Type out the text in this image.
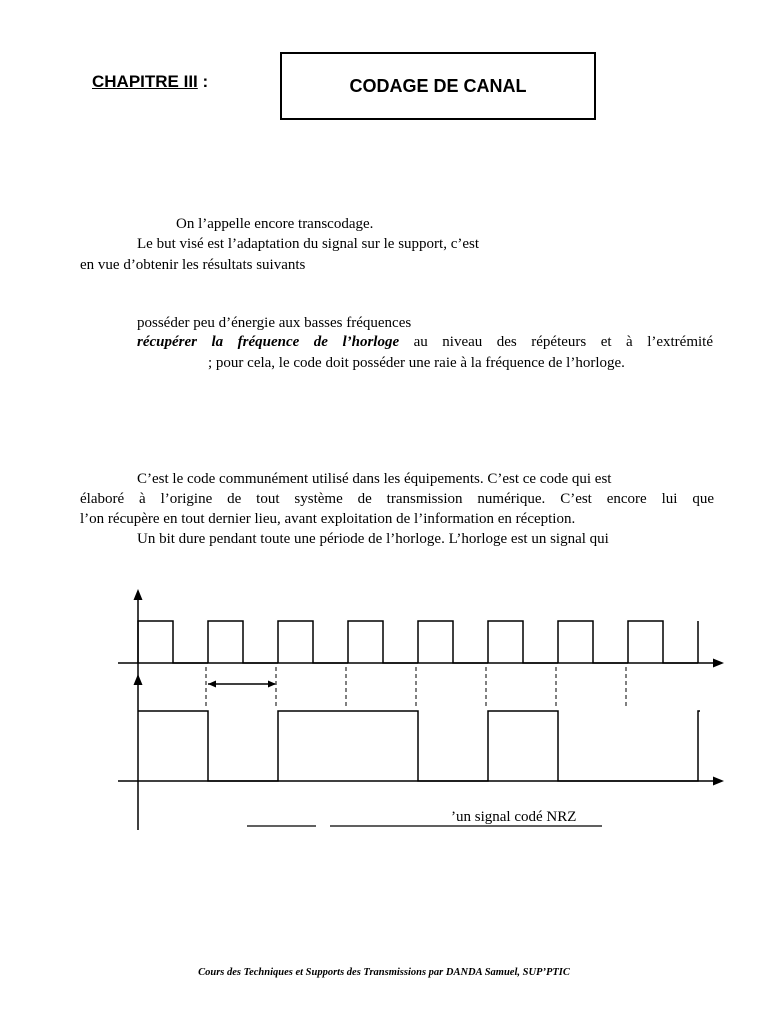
CHAPITRE III :	CODAGE DE CANAL
On l’appelle encore transcodage.
Le but visé est l’adaptation du signal sur le support, c’est
en vue d’obtenir les résultats suivants
posséder peu d’énergie aux basses fréquences
récupérer la fréquence de l’horloge au niveau des répéteurs et à l’extrémité
; pour cela, le code doit posséder une raie à la fréquence de l’horloge.
C’est le code communément utilisé dans les équipements. C’est ce code qui est
élaboré à l’origine de tout système de transmission numérique. C’est encore lui que
l’on récupère en tout dernier lieu, avant exploitation de l’information en réception.
Un bit dure pendant toute une période de l’horloge. L’horloge est un signal qui
’un signal codé NRZ
Cours des Techniques et Supports des Transmissions par DANDA Samuel, SUP’PTIC
